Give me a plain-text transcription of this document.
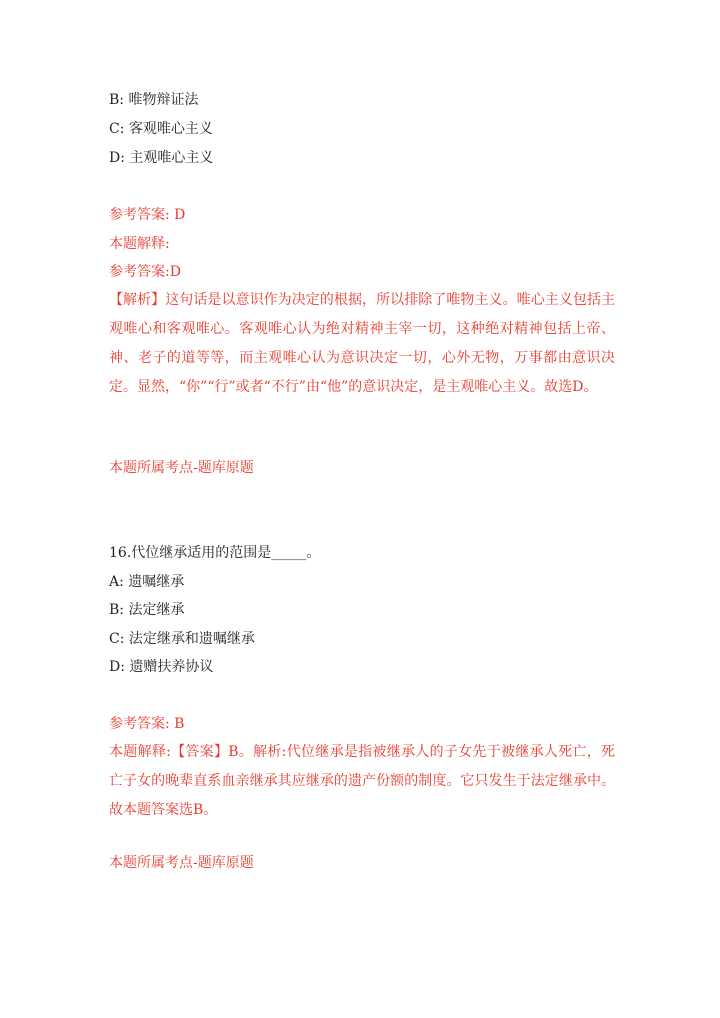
B: 唯物辩证法
C: 客观唯心主义
D: 主观唯心主义
参考答案: D
本题解释:
参考答案:D
【解析】这句话是以意识作为决定的根据，所以排除了唯物主义。唯心主义包括主观唯心和客观唯心。客观唯心认为绝对精神主宰一切，这种绝对精神包括上帝、神、老子的道等等，而主观唯心认为意识决定一切，心外无物，万事都由意识决定。显然，“你”“行”或者“不行”由“他”的意识决定，是主观唯心主义。故选D。
本题所属考点-题库原题
16.代位继承适用的范围是_____。
A: 遗嘱继承
B: 法定继承
C: 法定继承和遗嘱继承
D: 遗赠扶养协议
参考答案: B
本题解释:【答案】B。解析:代位继承是指被继承人的子女先于被继承人死亡，死亡子女的晚辈直系血亲继承其应继承的遗产份额的制度。它只发生于法定继承中。故本题答案选B。
本题所属考点-题库原题
